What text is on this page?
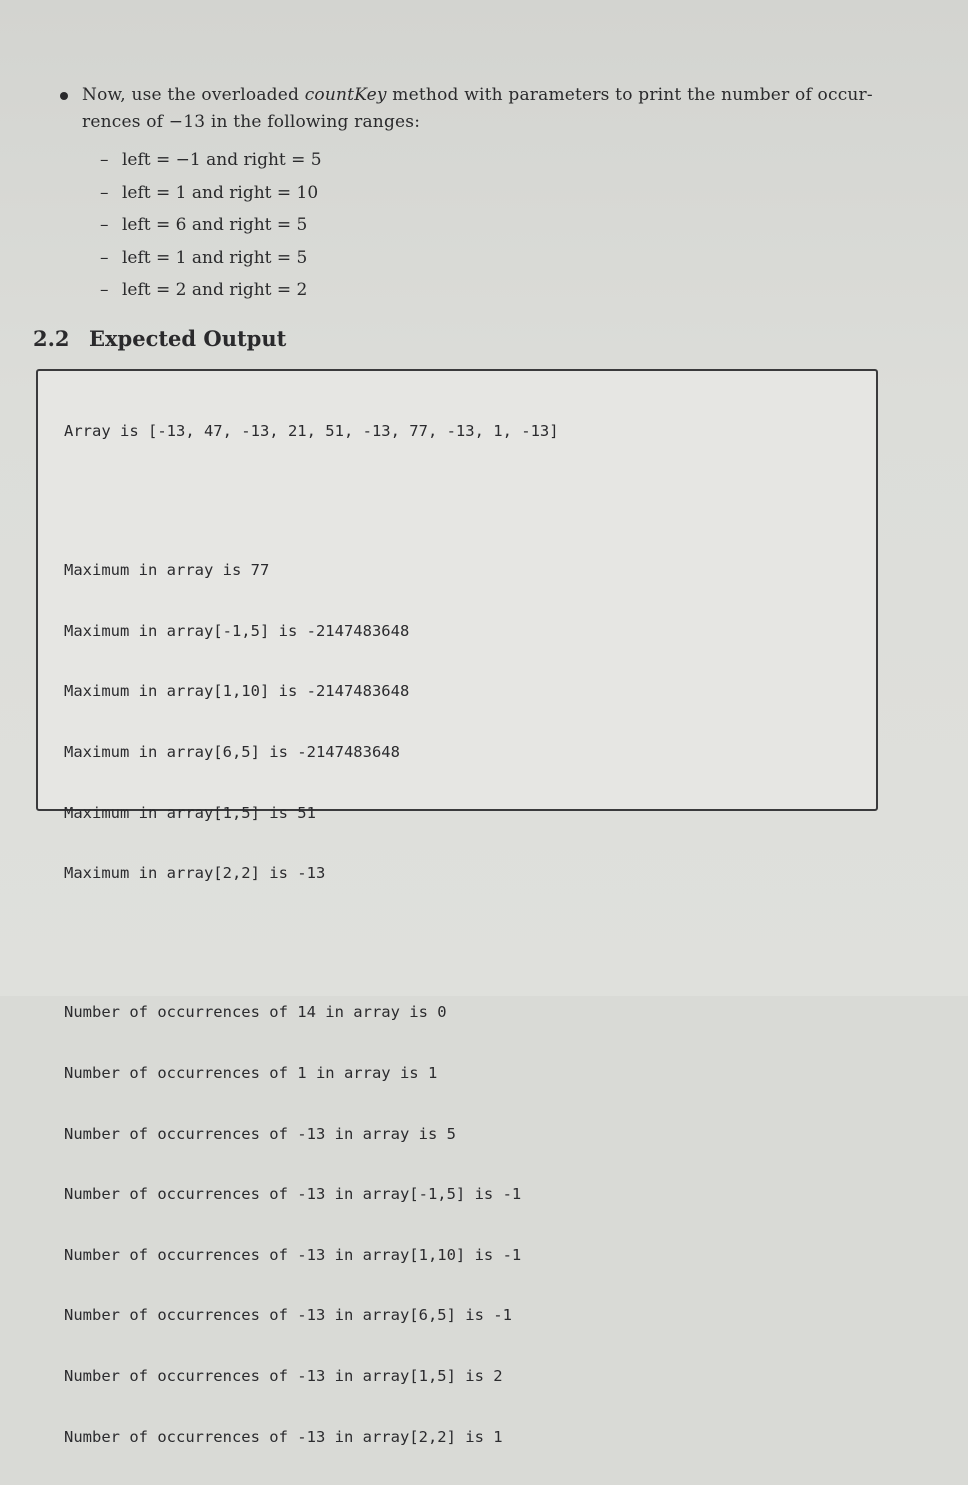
Now, use the overloaded countKey method with parameters to print the number of occur- rences of −13 in the following ranges:
– left = −1 and right = 5
– left = 1 and right = 10
– left = 6 and right = 5
– left = 1 and right = 5
– left = 2 and right = 2
2.2 Expected Output

Array is [-13, 47, -13, 21, 51, -13, 77, -13, 1, -13]

Maximum in array is 77

Maximum in array[-1,5] is -2147483648

Maximum in array[1,10] is -2147483648

Maximum in array[6,5] is -2147483648

Maximum in array[1,5] is 51

Maximum in array[2,2] is -13

Number of occurrences of 14 in array is 0

Number of occurrences of 1 in array is 1

Number of occurrences of -13 in array is 5

Number of occurrences of -13 in array[-1,5] is -1

Number of occurrences of -13 in array[1,10] is -1

Number of occurrences of -13 in array[6,5] is -1

Number of occurrences of -13 in array[1,5] is 2

Number of occurrences of -13 in array[2,2] is 1
